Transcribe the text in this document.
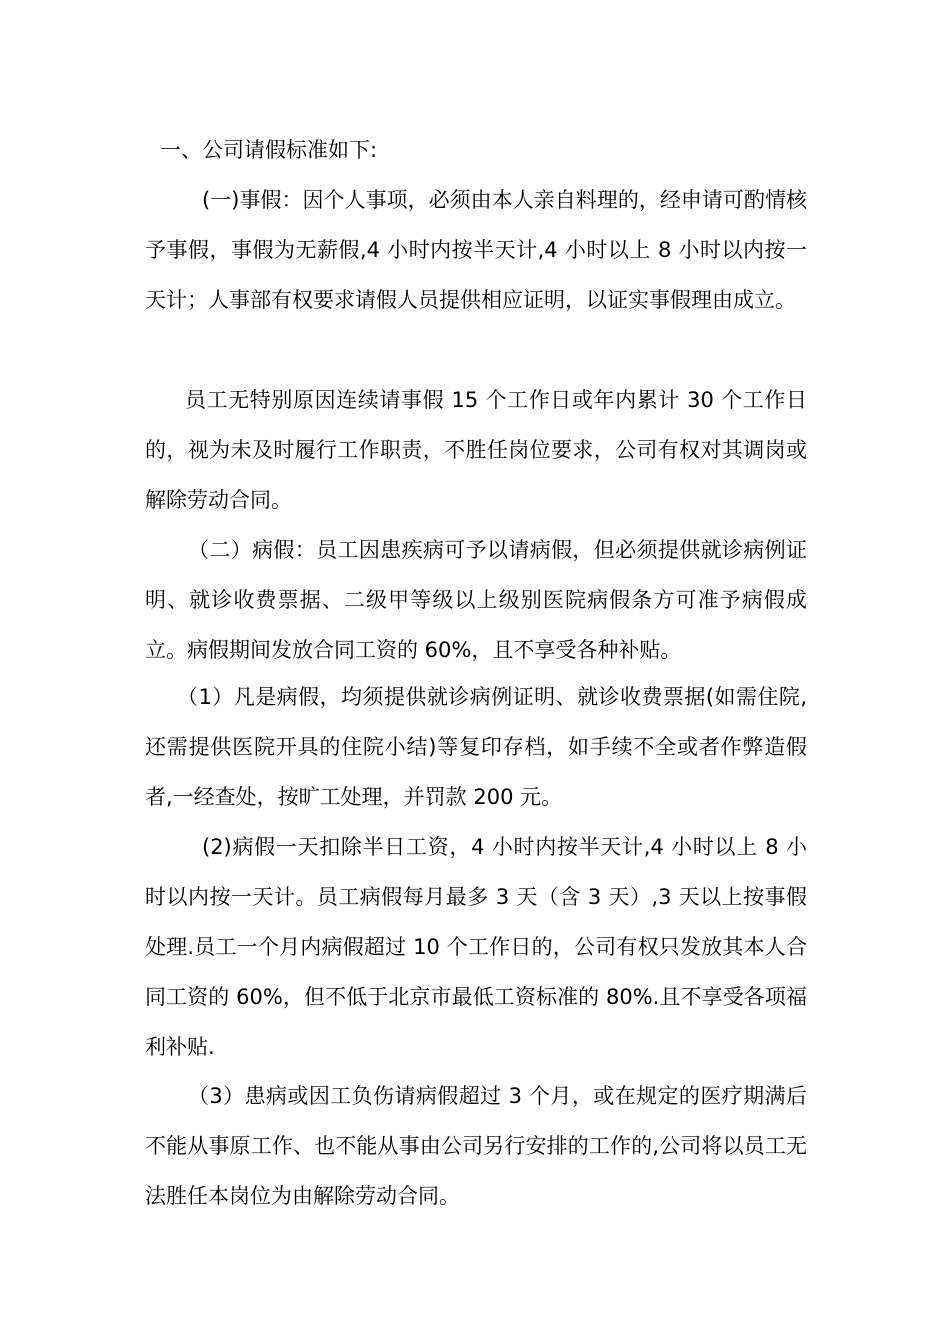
一、公司请假标准如下:
(一)事假：因个人事项，必须由本人亲自料理的，经申请可酌情核予事假，事假为无薪假,4 小时内按半天计,4 小时以上 8 小时以内按一天计；人事部有权要求请假人员提供相应证明，以证实事假理由成立。
员工无特别原因连续请事假 15 个工作日或年内累计 30 个工作日的，视为未及时履行工作职责，不胜任岗位要求，公司有权对其调岗或解除劳动合同。
（二）病假：员工因患疾病可予以请病假，但必须提供就诊病例证明、就诊收费票据、二级甲等级以上级别医院病假条方可准予病假成立。病假期间发放合同工资的 60%，且不享受各种补贴。
（1）凡是病假，均须提供就诊病例证明、就诊收费票据(如需住院,还需提供医院开具的住院小结)等复印存档，如手续不全或者作弊造假者,一经查处，按旷工处理，并罚款 200 元。
(2)病假一天扣除半日工资，4 小时内按半天计,4 小时以上 8 小时以内按一天计。员工病假每月最多 3 天（含 3 天）,3 天以上按事假处理.员工一个月内病假超过 10 个工作日的，公司有权只发放其本人合同工资的 60%，但不低于北京市最低工资标准的 80%.且不享受各项福利补贴.
（3）患病或因工负伤请病假超过 3 个月，或在规定的医疗期满后不能从事原工作、也不能从事由公司另行安排的工作的,公司将以员工无法胜任本岗位为由解除劳动合同。
